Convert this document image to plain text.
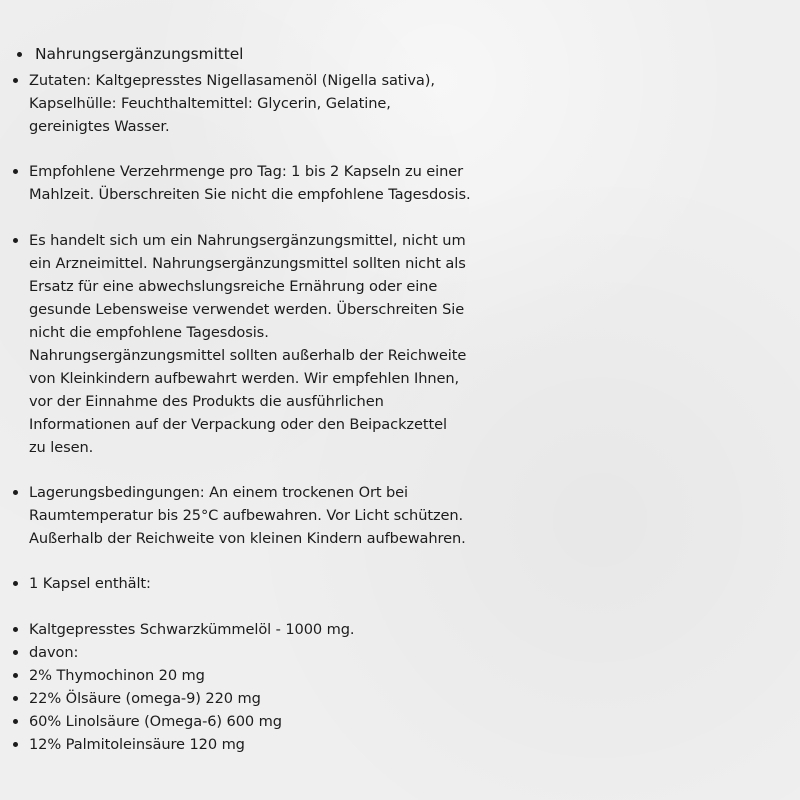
Nahrungsergänzungsmittel
Zutaten: Kaltgepresstes Nigellasamenöl (Nigella sativa),
Kapselhülle: Feuchthaltemittel: Glycerin, Gelatine,
gereinigtes Wasser.
Empfohlene Verzehrmenge pro Tag: 1 bis 2 Kapseln zu einer
Mahlzeit. Überschreiten Sie nicht die empfohlene Tagesdosis.
Es handelt sich um ein Nahrungsergänzungsmittel, nicht um
ein Arzneimittel. Nahrungsergänzungsmittel sollten nicht als
Ersatz für eine abwechslungsreiche Ernährung oder eine
gesunde Lebensweise verwendet werden. Überschreiten Sie
nicht die empfohlene Tagesdosis.
Nahrungsergänzungsmittel sollten außerhalb der Reichweite
von Kleinkindern aufbewahrt werden. Wir empfehlen Ihnen,
vor der Einnahme des Produkts die ausführlichen
Informationen auf der Verpackung oder den Beipackzettel
zu lesen.
Lagerungsbedingungen: An einem trockenen Ort bei
Raumtemperatur bis 25°C aufbewahren. Vor Licht schützen.
Außerhalb der Reichweite von kleinen Kindern aufbewahren.
1 Kapsel enthält:
Kaltgepresstes Schwarzkümmelöl - 1000 mg.
davon:
2% Thymochinon 20 mg
22% Ölsäure (omega-9) 220 mg
60% Linolsäure (Omega-6) 600 mg
12% Palmitoleinsäure 120 mg
